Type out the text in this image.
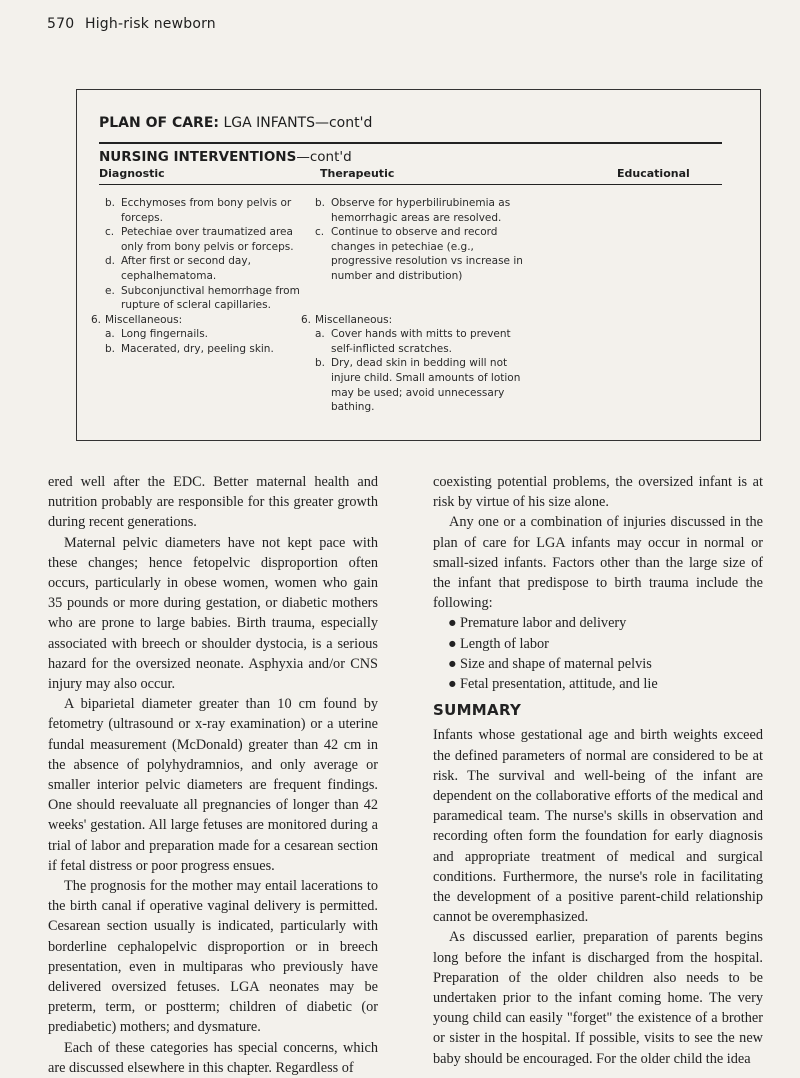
570 High-risk newborn
PLAN OF CARE: LGA INFANTS—cont'd
NURSING INTERVENTIONS—cont'd
Diagnostic	Therapeutic	Educational
b. Ecchymoses from bony pelvis or forceps.
c. Petechiae over traumatized area only from bony pelvis or forceps.
d. After first or second day, cephalhematoma.
e. Subconjunctival hemorrhage from rupture of scleral capillaries.
6. Miscellaneous:
a. Long fingernails.
b. Macerated, dry, peeling skin.
b. Observe for hyperbilirubinemia as hemorrhagic areas are resolved.
c. Continue to observe and record changes in petechiae (e.g., progressive resolution vs increase in number and distribution)
6. Miscellaneous:
a. Cover hands with mitts to prevent self-inflicted scratches.
b. Dry, dead skin in bedding will not injure child. Small amounts of lotion may be used; avoid unnecessary bathing.

ered well after the EDC. Better maternal health and nutrition probably are responsible for this greater growth during recent generations.

Maternal pelvic diameters have not kept pace with these changes; hence fetopelvic disproportion often occurs, particularly in obese women, women who gain 35 pounds or more during gestation, or diabetic mothers who are prone to large babies. Birth trauma, especially associated with breech or shoulder dystocia, is a serious hazard for the oversized neonate. Asphyxia and/or CNS injury may also occur.

A biparietal diameter greater than 10 cm found by fetometry (ultrasound or x-ray examination) or a uterine fundal measurement (McDonald) greater than 42 cm in the absence of polyhydramnios, and only average or smaller interior pelvic diameters are frequent findings. One should reevaluate all pregnancies of longer than 42 weeks' gestation. All large fetuses are monitored during a trial of labor and preparation made for a cesarean section if fetal distress or poor progress ensues.

The prognosis for the mother may entail lacerations to the birth canal if operative vaginal delivery is permitted. Cesarean section usually is indicated, particularly with borderline cephalopelvic disproportion or in breech presentation, even in multiparas who previously have delivered oversized fetuses. LGA neonates may be preterm, term, or postterm; children of diabetic (or prediabetic) mothers; and dysmature.

Each of these categories has special concerns, which are discussed elsewhere in this chapter. Regardless of

coexisting potential problems, the oversized infant is at risk by virtue of his size alone.

Any one or a combination of injuries discussed in the plan of care for LGA infants may occur in normal or small-sized infants. Factors other than the large size of the infant that predispose to birth trauma include the following:

● Premature labor and delivery
● Length of labor
● Size and shape of maternal pelvis
● Fetal presentation, attitude, and lie
SUMMARY

Infants whose gestational age and birth weights exceed the defined parameters of normal are considered to be at risk. The survival and well-being of the infant are dependent on the collaborative efforts of the medical and paramedical team. The nurse's skills in observation and recording often form the foundation for early diagnosis and appropriate treatment of medical and surgical conditions. Furthermore, the nurse's role in facilitating the development of a positive parent-child relationship cannot be overemphasized.

As discussed earlier, preparation of parents begins long before the infant is discharged from the hospital. Preparation of the older children also needs to be undertaken prior to the infant coming home. The very young child can easily "forget" the existence of a brother or sister in the hospital. If possible, visits to see the new baby should be encouraged. For the older child the idea
